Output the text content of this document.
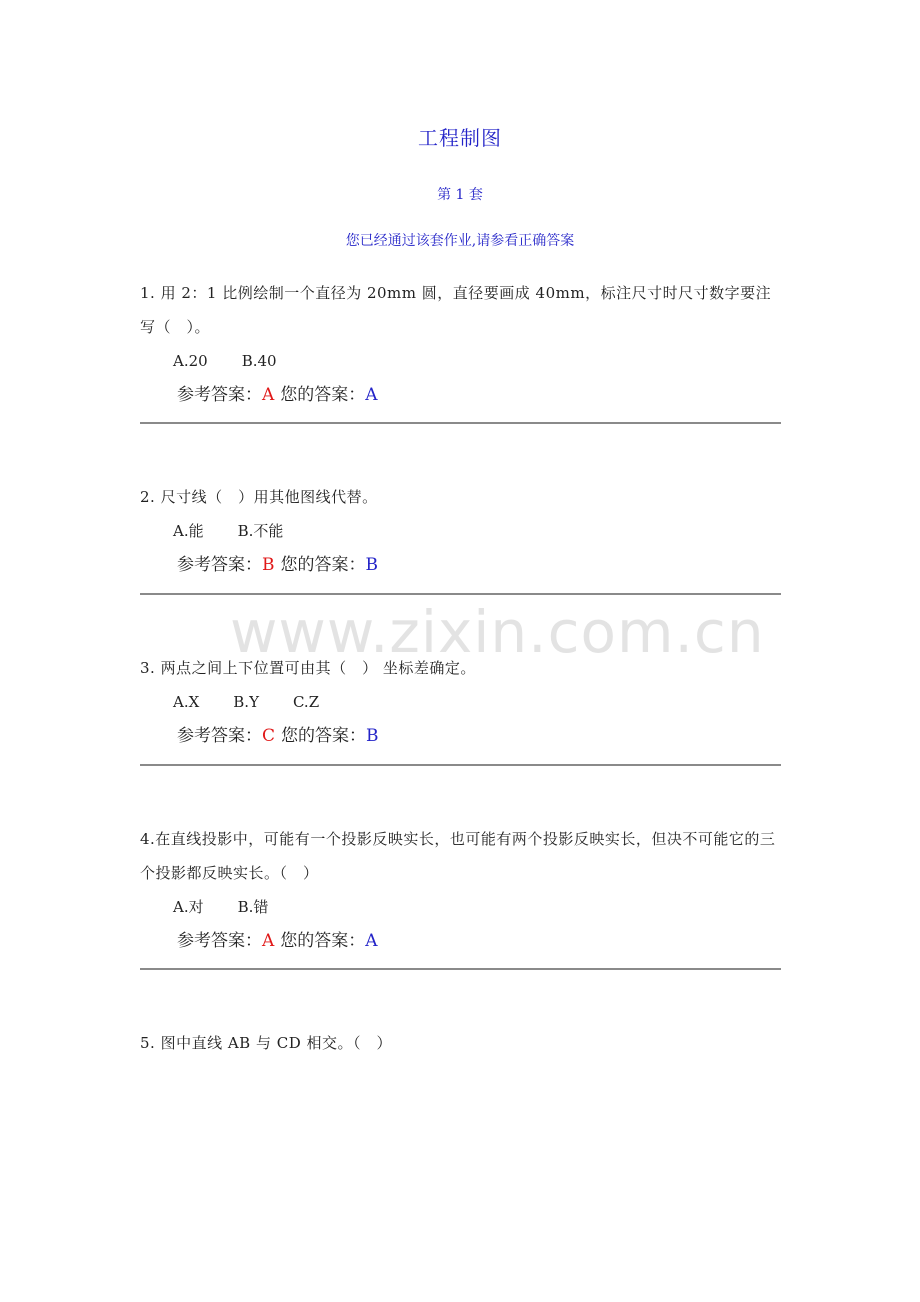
www.zixin.com.cn
工程制图
第 1 套
您已经通过该套作业,请参看正确答案
1. 用 2：1 比例绘制一个直径为 20mm 圆，直径要画成 40mm，标注尺寸时尺寸数字要注写（　）。
A.20 B.40
参考答案：A 您的答案：A
2. 尺寸线（　）用其他图线代替。
A.能 B.不能
参考答案：B 您的答案：B
3. 两点之间上下位置可由其（　） 坐标差确定。
A.X B.Y C.Z
参考答案：C 您的答案：B
4.在直线投影中，可能有一个投影反映实长，也可能有两个投影反映实长，但决不可能它的三个投影都反映实长。（　）
A.对 B.错
参考答案：A 您的答案：A
5. 图中直线 AB 与 CD 相交。（　）
